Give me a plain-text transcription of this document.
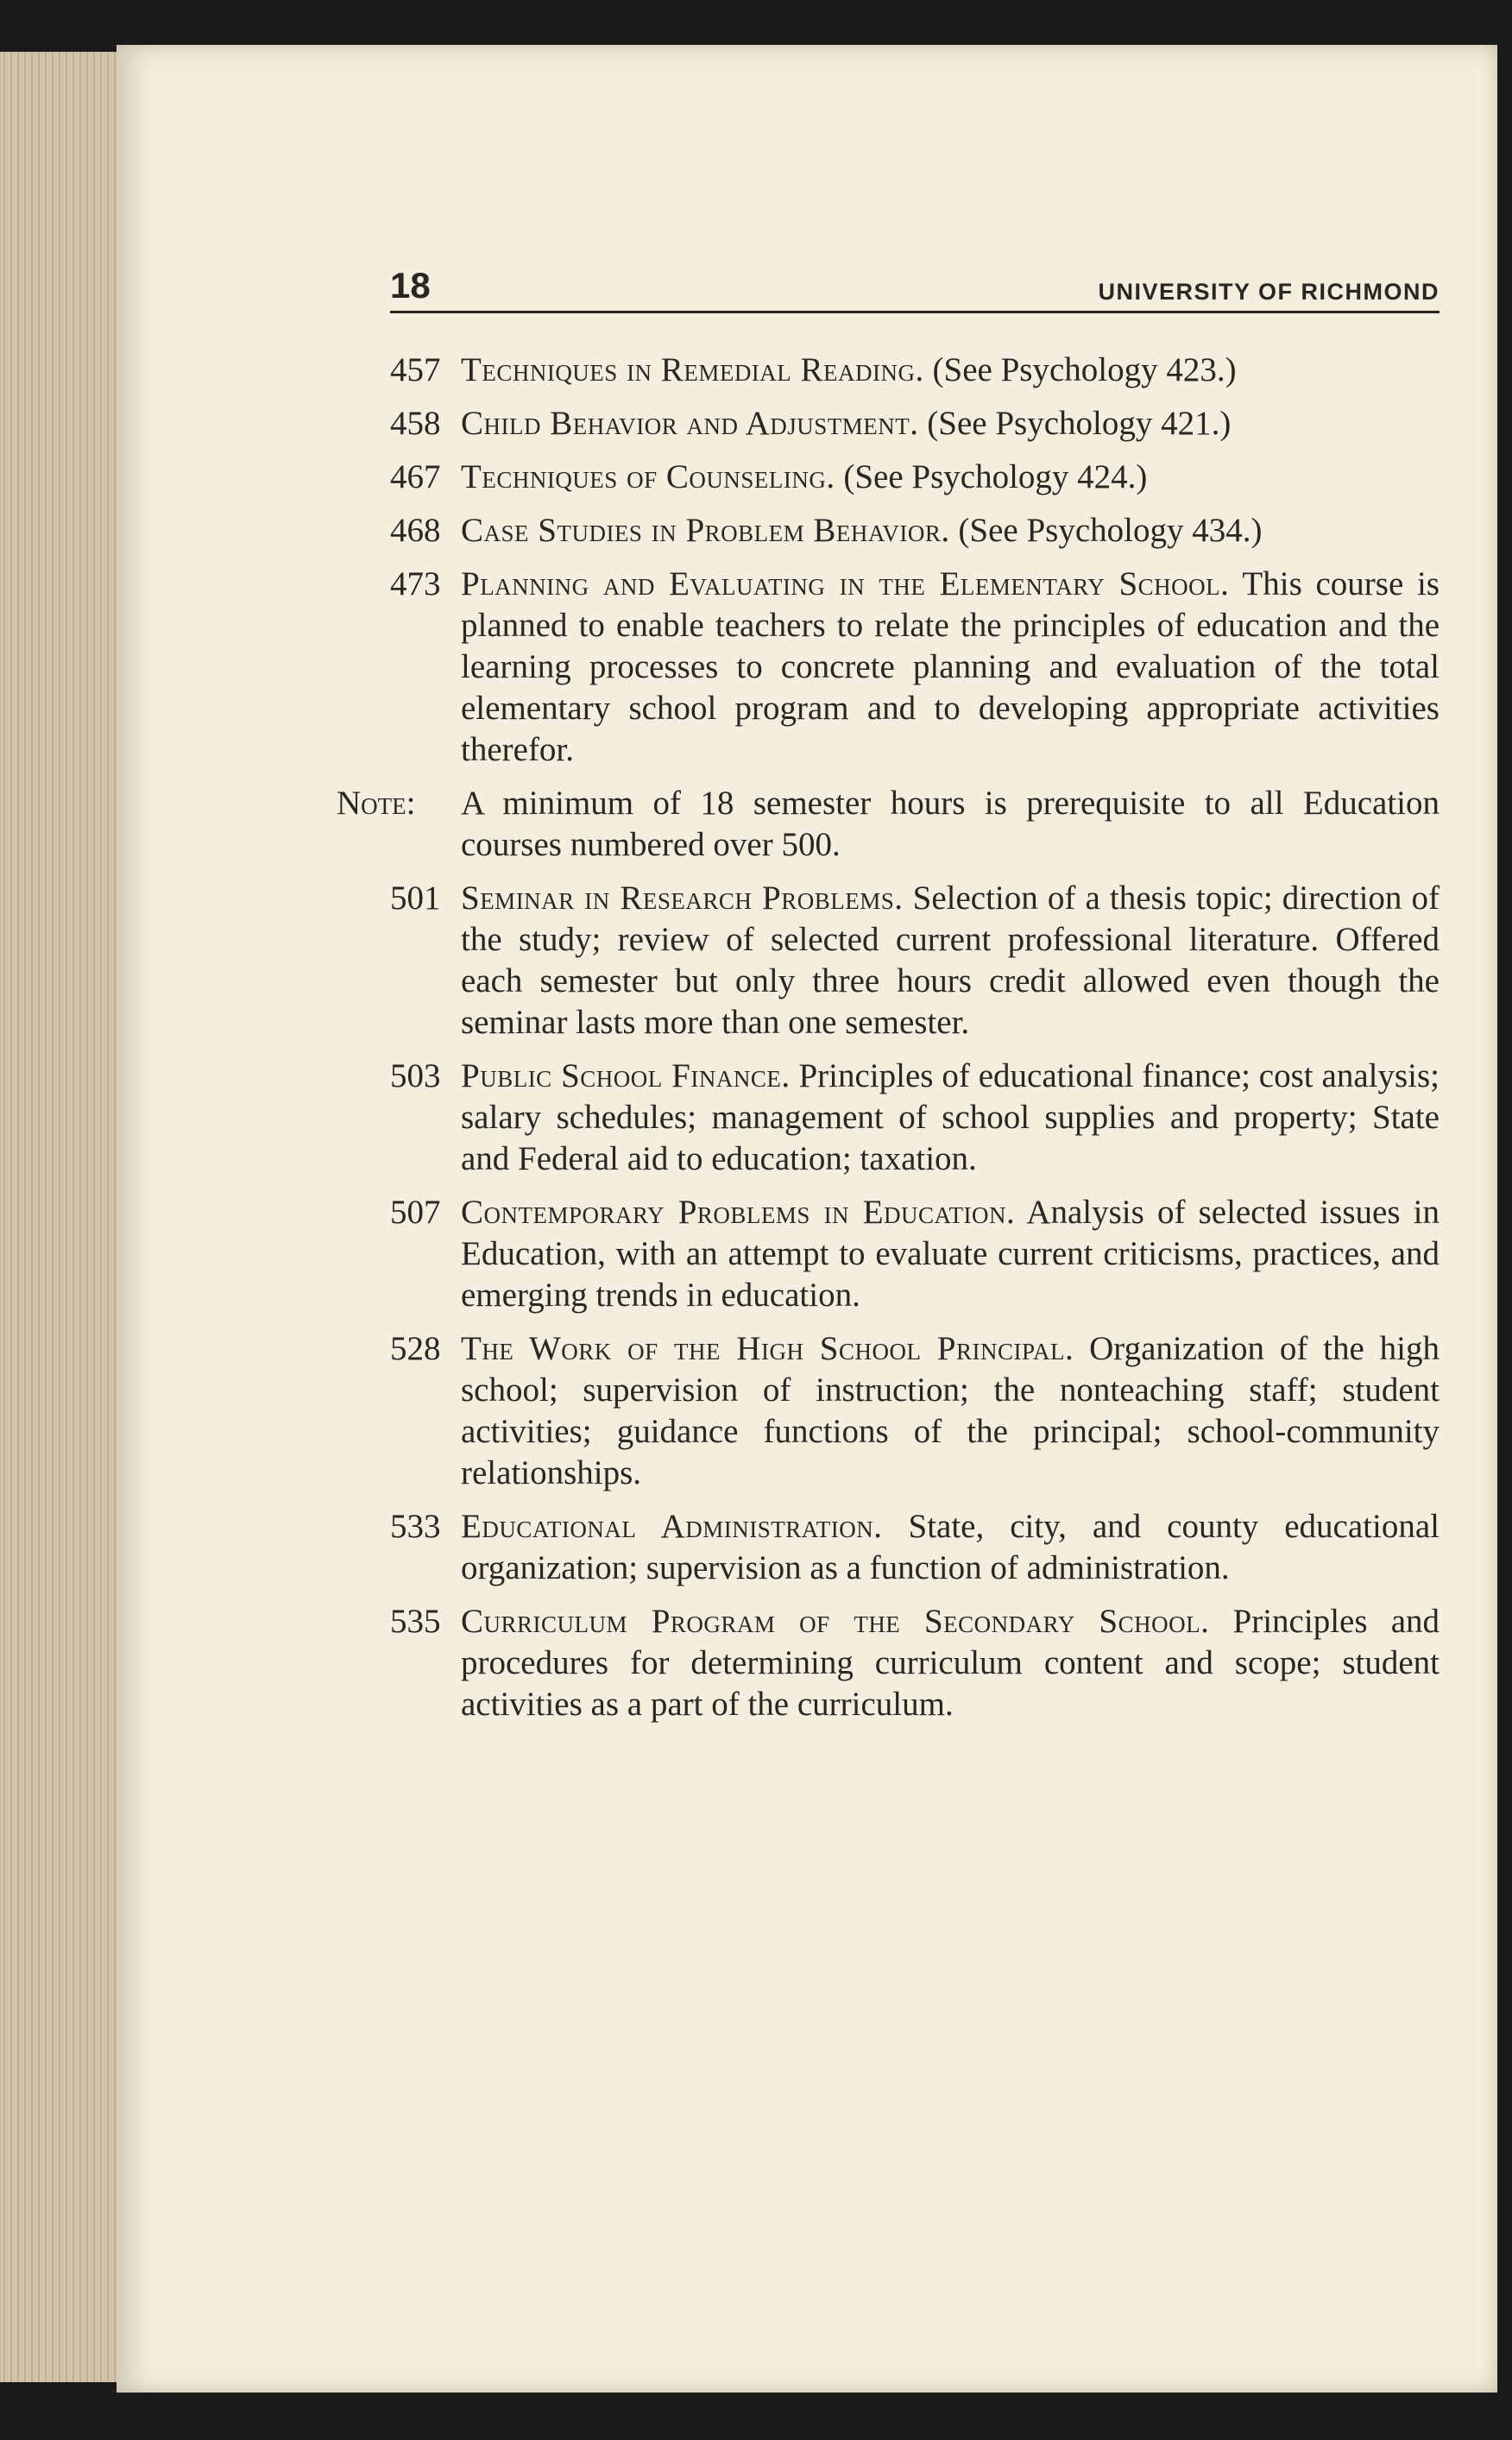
18	UNIVERSITY OF RICHMOND
457 Techniques in Remedial Reading. (See Psychology 423.)
458 Child Behavior and Adjustment. (See Psychology 421.)
467 Techniques of Counseling. (See Psychology 424.)
468 Case Studies in Problem Behavior. (See Psychology 434.)
473 Planning and Evaluating in the Elementary School. This course is planned to enable teachers to relate the principles of education and the learning processes to concrete planning and evaluation of the total elementary school program and to developing appropriate activities therefor.
Note:	A minimum of 18 semester hours is prerequisite to all Education courses numbered over 500.
501 Seminar in Research Problems. Selection of a thesis topic; direction of the study; review of selected current professional literature. Offered each semester but only three hours credit allowed even though the seminar lasts more than one semester.
503 Public School Finance. Principles of educational finance; cost analysis; salary schedules; management of school supplies and property; State and Federal aid to education; taxation.
507 Contemporary Problems in Education. Analysis of selected issues in Education, with an attempt to evaluate current criticisms, practices, and emerging trends in education.
528 The Work of the High School Principal. Organization of the high school; supervision of instruction; the nonteaching staff; student activities; guidance functions of the principal; school-community relationships.
533 Educational Administration. State, city, and county educational organization; supervision as a function of administration.
535 Curriculum Program of the Secondary School. Principles and procedures for determining curriculum content and scope; student activities as a part of the curriculum.
